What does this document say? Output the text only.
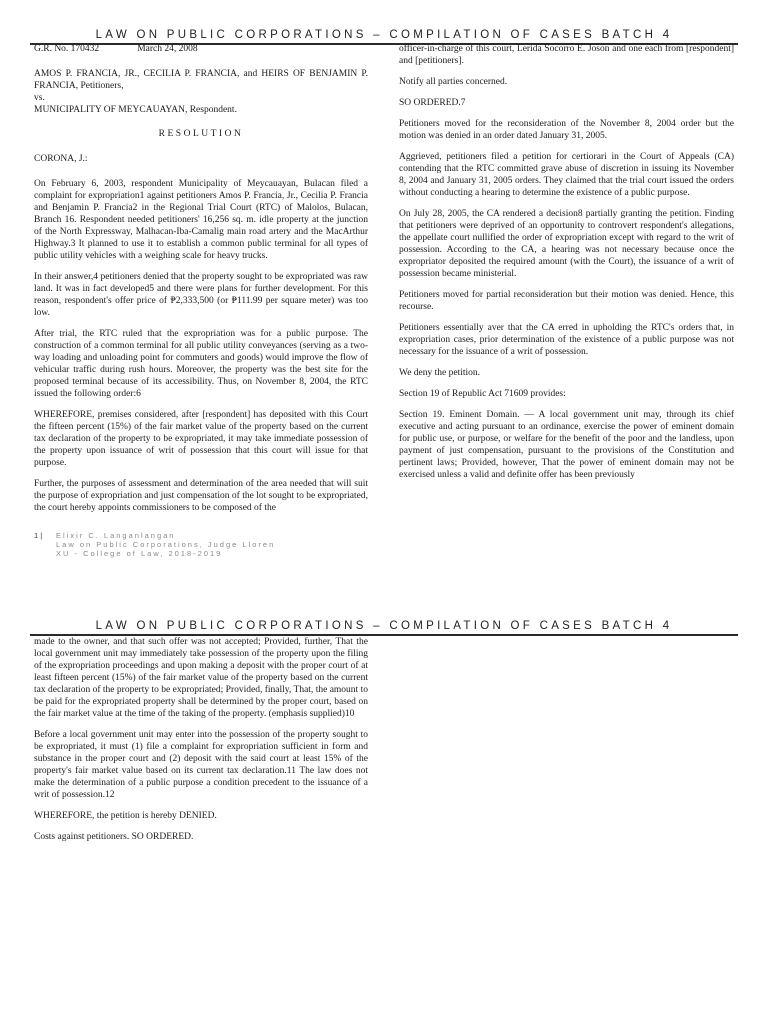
LAW ON PUBLIC CORPORATIONS – COMPILATION OF CASES BATCH 4

G.R. No. 170432	March 24, 2008

AMOS P. FRANCIA, JR., CECILIA P. FRANCIA, and HEIRS OF BENJAMIN P. FRANCIA, Petitioners,

vs.

MUNICIPALITY OF MEYCAUAYAN, Respondent.

RESOLUTION

CORONA, J.:

On February 6, 2003, respondent Municipality of Meycauayan, Bulacan filed a complaint for expropriation1 against petitioners Amos P. Francia, Jr., Cecilia P. Francia and Benjamin P. Francia2 in the Regional Trial Court (RTC) of Malolos, Bulacan, Branch 16. Respondent needed petitioners' 16,256 sq. m. idle property at the junction of the North Expressway, Malhacan-Iba-Camalig main road artery and the MacArthur Highway.3 It planned to use it to establish a common public terminal for all types of public utility vehicles with a weighing scale for heavy trucks.

In their answer,4 petitioners denied that the property sought to be expropriated was raw land. It was in fact developed5 and there were plans for further development. For this reason, respondent's offer price of ₱2,333,500 (or ₱111.99 per square meter) was too low.

After trial, the RTC ruled that the expropriation was for a public purpose. The construction of a common terminal for all public utility conveyances (serving as a two-way loading and unloading point for commuters and goods) would improve the flow of vehicular traffic during rush hours. Moreover, the property was the best site for the proposed terminal because of its accessibility. Thus, on November 8, 2004, the RTC issued the following order:6

WHEREFORE, premises considered, after [respondent] has deposited with this Court the fifteen percent (15%) of the fair market value of the property based on the current tax declaration of the property to be expropriated, it may take immediate possession of the property upon issuance of writ of possession that this court will issue for that purpose.

Further, the purposes of assessment and determination of the area needed that will suit the purpose of expropriation and just compensation of the lot sought to be expropriated, the court hereby appoints commissioners to be composed of the

officer-in-charge of this court, Lerida Socorro E. Joson and one each from [respondent] and [petitioners].

Notify all parties concerned.

SO ORDERED.7

Petitioners moved for the reconsideration of the November 8, 2004 order but the motion was denied in an order dated January 31, 2005.

Aggrieved, petitioners filed a petition for certiorari in the Court of Appeals (CA) contending that the RTC committed grave abuse of discretion in issuing its November 8, 2004 and January 31, 2005 orders. They claimed that the trial court issued the orders without conducting a hearing to determine the existence of a public purpose.

On July 28, 2005, the CA rendered a decision8 partially granting the petition. Finding that petitioners were deprived of an opportunity to controvert respondent's allegations, the appellate court nullified the order of expropriation except with regard to the writ of possession. According to the CA, a hearing was not necessary because once the expropriator deposited the required amount (with the Court), the issuance of a writ of possession became ministerial.

Petitioners moved for partial reconsideration but their motion was denied. Hence, this recourse.

Petitioners essentially aver that the CA erred in upholding the RTC's orders that, in expropriation cases, prior determination of the existence of a public purpose was not necessary for the issuance of a writ of possession.

We deny the petition.

Section 19 of Republic Act 71609 provides:

Section 19. Eminent Domain. — A local government unit may, through its chief executive and acting pursuant to an ordinance, exercise the power of eminent domain for public use, or purpose, or welfare for the benefit of the poor and the landless, upon payment of just compensation, pursuant to the provisions of the Constitution and pertinent laws; Provided, however, That the power of eminent domain may not be exercised unless a valid and definite offer has been previously

1 |	Elixir C. Langanlangan
Law on Public Corporations, Judge Lloren
XU - College of Law, 2018-2019
LAW ON PUBLIC CORPORATIONS – COMPILATION OF CASES BATCH 4

made to the owner, and that such offer was not accepted; Provided, further, That the local government unit may immediately take possession of the property upon the filing of the expropriation proceedings and upon making a deposit with the proper court of at least fifteen percent (15%) of the fair market value of the property based on the current tax declaration of the property to be expropriated; Provided, finally, That, the amount to be paid for the expropriated property shall be determined by the proper court, based on the fair market value at the time of the taking of the property. (emphasis supplied)10

Before a local government unit may enter into the possession of the property sought to be expropriated, it must (1) file a complaint for expropriation sufficient in form and substance in the proper court and (2) deposit with the said court at least 15% of the property's fair market value based on its current tax declaration.11 The law does not make the determination of a public purpose a condition precedent to the issuance of a writ of possession.12

WHEREFORE, the petition is hereby DENIED.

Costs against petitioners. SO ORDERED.
